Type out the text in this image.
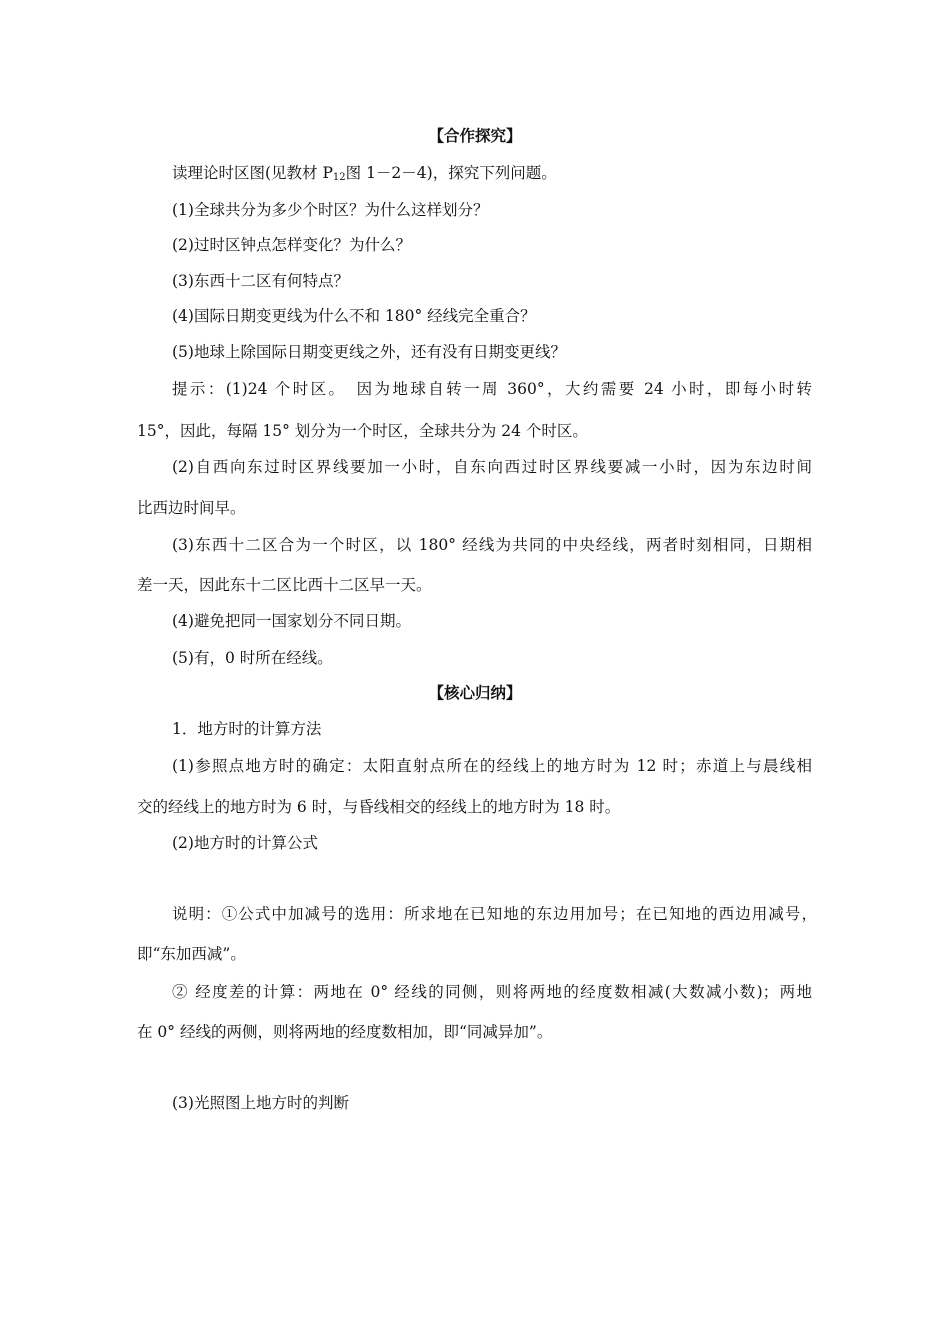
【合作探究】
读理论时区图(见教材 $P_{12}$图 1－2－4)，探究下列问题。
(1)全球共分为多少个时区？为什么这样划分？
(2)过时区钟点怎样变化？为什么？
(3)东西十二区有何特点？
(4)国际日期变更线为什么不和 180° 经线完全重合？
(5)地球上除国际日期变更线之外，还有没有日期变更线？
提示：(1)24 个时区。　因为地球自转一周 360°，大约需要 24 小时，即每小时转
15°，因此，每隔 15° 划分为一个时区，全球共分为 24 个时区。
(2)自西向东过时区界线要加一小时，自东向西过时区界线要减一小时，因为东边时间
比西边时间早。
(3)东西十二区合为一个时区，以 180° 经线为共同的中央经线，两者时刻相同，日期相
差一天，因此东十二区比西十二区早一天。
(4)避免把同一国家划分不同日期。
(5)有，0 时所在经线。
【核心归纳】
1．地方时的计算方法
(1)参照点地方时的确定：太阳直射点所在的经线上的地方时为 12 时；赤道上与晨线相
交的经线上的地方时为 6 时，与昏线相交的经线上的地方时为 18 时。
(2)地方时的计算公式
说明：①公式中加减号的选用：所求地在已知地的东边用加号；在已知地的西边用减号，
即“东加西减”。
② 经度差的计算：两地在 0° 经线的同侧，则将两地的经度数相减(大数减小数)；两地
在 0° 经线的两侧，则将两地的经度数相加，即“同减异加”。
(3)光照图上地方时的判断
